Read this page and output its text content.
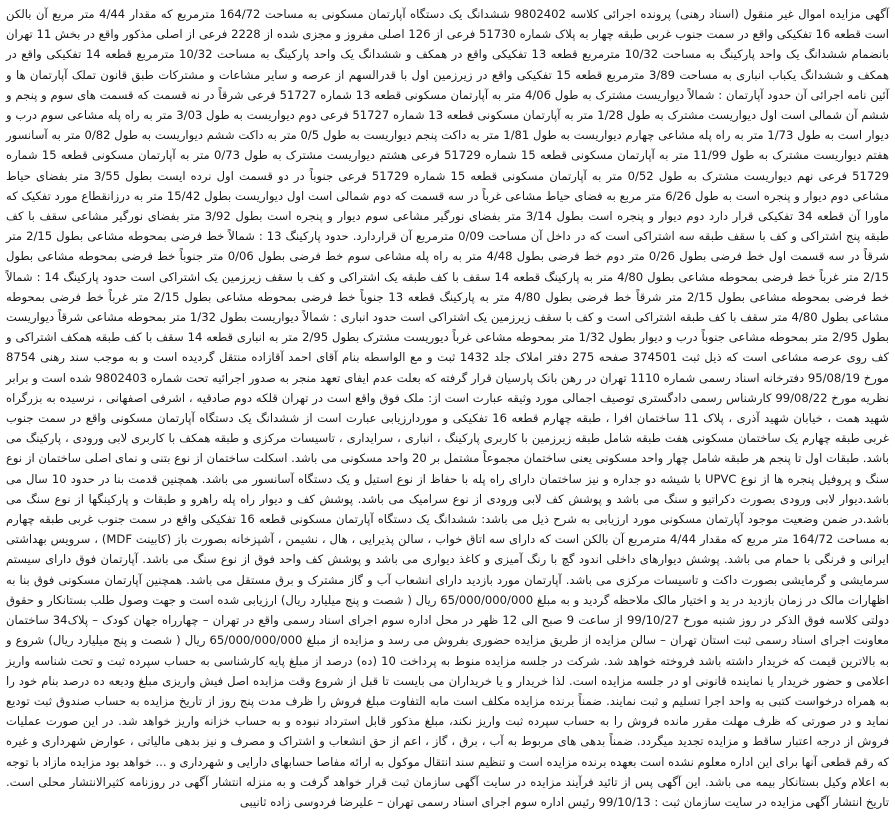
آگهی مزایده اموال غیر منقول (اسناد رهنی) پرونده اجرائی کلاسه 9802402 ششدانگ یک دستگاه آپارتمان مسکونی به مساحت 164/72 مترمربع که مقدار 4/44 متر مربع آن بالکن است قطعه 16 تفکیکی واقع در سمت جنوب غربی طبقه چهار به پلاک شماره 51730 فرعی از 126 اصلی مفروز و مجزی شده از 2228 فرعی از اصلی مذکور واقع در بخش 11 تهران بانضمام ششدانگ یک واحد پارکینگ به مساحت 10/32 مترمربع قطعه 13 تفکیکی واقع در همکف و ششدانگ یک واحد پارکینگ به مساحت 10/32 مترمربع قطعه 14 تفکیکی واقع در همکف و ششدانگ یکباب انباری به مساحت 3/89 مترمربع قطعه 15 تفکیکی واقع در زیرزمین اول با قدرالسهم از عرصه و سایر مشاعات و مشترکات طبق قانون تملک آپارتمان ها و آئین نامه اجرائی آن حدود آپارتمان : شمالاً دیواریست مشترک به طول 4/06 متر به آپارتمان مسکونی قطعه 13 شماره 51727 فرعی شرقاً در نه قسمت که قسمت های سوم و پنجم و ششم آن شمالی است اول دیواریست مشترک به طول 1/28 متر به آپارتمان مسکونی قطعه 13 شماره 51727 فرعی دوم دیواریست به طول 3/03 متر به راه پله مشاعی سوم درب و دیوار است به طول 1/73 متر به راه پله مشاعی چهارم دیواریست به طول 1/81 متر به داکت پنجم دیواریست به طول 0/5 متر به داکت ششم دیواریست به طول 0/82 متر به آسانسور هفتم دیواریست مشترک به طول 11/99 متر به آپارتمان مسکونی قطعه 15 شماره 51729 فرعی هشتم دیواریست مشترک به طول 0/73 متر به آپارتمان مسکونی قطعه 15 شماره 51729 فرعی نهم دیواریست مشترک به طول 0/52 متر به آپارتمان مسکونی قطعه 15 شماره 51729 فرعی جنوباً در دو قسمت اول نرده ایست بطول 3/55 متر بفضای حیاط مشاعی دوم دیوار و پنجره است به طول 6/26 متر مربع به فضای حیاط مشاعی غرباً در سه قسمت که دوم شمالی است اول دیواریست بطول 15/42 متر به درزانقطاع مورد تفکیک که ماورا آن قطعه 34 تفکیکی قرار دارد دوم دیوار و پنجره است بطول 3/14 متر بفضای نورگیر مشاعی سوم دیوار و پنجره است بطول 3/92 متر بفضای نورگیر مشاعی سقف با کف طبقه پنج اشتراکی و کف با سقف طبقه سه اشتراکی است که در داخل آن مساحت 0/09 مترمربع آن قراردارد. حدود پارکینگ 13 : شمالاً خط فرضی بمحوطه مشاعی بطول 2/15 متر شرقاً در سه قسمت اول خط فرضی بطول 0/26 متر دوم خط فرضی بطول 4/48 متر به راه پله مشاعی سوم خط فرضی بطول 0/06 متر جنوباً خط فرضی بمحوطه مشاعی بطول 2/15 متر غرباً خط فرضی بمحوطه مشاعی بطول 4/80 متر به پارکینگ قطعه 14 سقف با کف طبقه یک اشتراکی و کف با سقف زیرزمین یک اشتراکی است حدود پارکینگ 14 : شمالاً خط فرضی بمحوطه مشاعی بطول 2/15 متر شرقاً خط فرضی بطول 4/80 متر به پارکینگ قطعه 13 جنوباً خط فرضی بمحوطه مشاعی بطول 2/15 متر غرباً خط فرضی بمحوطه مشاعی بطول 4/80 متر سقف با کف طبقه اشتراکی است و کف با سقف زیرزمین یک اشتراکی است حدود انباری : شمالاً دیواریست بطول 1/32 متر بمحوطه مشاعی شرقاً دیواریست بطول 2/95 متر بمحوطه مشاعی جنوباً درب و دیوار بطول 1/32 متر بمحوطه مشاعی غرباً دیوریست مشترک بطول 2/95 متر به انباری قطعه 14 سقف با کف طبقه همکف اشتراکی و کف روی عرصه مشاعی است که ذیل ثبت 374501 صفحه 275 دفتر املاک جلد 1432 ثبت و مع الواسطه بنام آقای احمد آقازاده منتقل گردیده است و به موجب سند رهنی 8754 مورخ 95/08/19 دفترخانه اسناد رسمی شماره 1110 تهران در رهن بانک پارسیان قرار گرفته که بعلت عدم ایفای تعهد منجر به صدور اجرائیه تحت شماره 9802403 شده است و برابر نظریه مورخ 99/08/22 کارشناس رسمی دادگستری توصیف اجمالی مورد وثیقه عبارت است از: ملک فوق واقع است در تهران قلکه دوم صادقیه ، اشرفی اصفهانی ، نرسیده به بزرگراه شهید همت ، خیابان شهید آذری ، پلاک 11 ساختمان افرا ، طبقه چهارم قطعه 16 تفکیکی و موردارزیابی عبارت است از ششدانگ یک دستگاه آپارتمان مسکونی واقع در سمت جنوب غربی طبقه چهارم یک ساختمان مسکونی هفت طبقه شامل طبقه زیرزمین با کاربری پارکینگ ، انباری ، سرایداری ، تاسیسات مرکزی و طبقه همکف با کاربری لابی ورودی ، پارکینگ می باشد. طبقات اول تا پنجم هر طبقه شامل چهار واحد مسکونی یعنی ساختمان مجموعاً مشتمل بر 20 واحد مسکونی می باشد. اسکلت ساختمان از نوع بتنی و نمای اصلی ساختمان از نوع سنگ و پروفیل پنجره ها از نوع UPVC با شیشه دو جداره و نیز ساختمان دارای راه پله با حفاظ از نوع استیل و یک دستگاه آسانسور می باشد. همچنین قدمت بنا در حدود 10 سال می باشد.دیوار لابی ورودی بصورت دکراتیو و سنگ می باشد و پوشش کف لابی ورودی از نوع سرامیک می باشد. پوشش کف و دیوار راه پله راهرو و طبقات و پارکینگها از نوع سنگ می باشد.در ضمن وضعیت موجود آپارتمان مسکونی مورد ارزیابی به شرح ذیل می باشد: ششدانگ یک دستگاه آپارتمان مسکونی قطعه 16 تفکیکی واقع در سمت جنوب غربی طبقه چهارم به مساحت 164/72 متر مربع که مقدار 4/44 مترمربع آن بالکن است که دارای سه اتاق خواب ، سالن پذیرایی ، هال ، نشیمن ، آشپزخانه بصورت باز (کابینت MDF) ، سرویس بهداشتی ایرانی و فرنگی با حمام می باشد. پوشش دیوارهای داخلی اندود گچ با رنگ آمیزی و کاغذ دیواری می باشد و پوشش کف واحد فوق از نوع سنگ می باشد. آپارتمان فوق دارای سیستم سرمایشی و گرمایشی بصورت داکت و تاسیسات مرکزی می باشد. آپارتمان مورد بازدید دارای انشعاب آب و گاز مشترک و برق مستقل می باشد. همچنین آپارتمان مسکونی فوق بنا به اظهارات مالک در زمان بازدید در ید و اختیار مالک ملاحظه گردید و به مبلغ 65/000/000/000 ریال ( شصت و پنج میلیارد ریال) ارزیابی شده است و جهت وصول طلب بستانکار و حقوق دولتی کلاسه فوق الذکر در روز شنبه مورخ 99/10/27 از ساعت 9 صبح الی 12 ظهر در محل اداره سوم اجرای اسناد رسمی واقع در تهران – چهارراه جهان کودک – پلاک34 ساختمان معاونت اجرای اسناد رسمی ثبت استان تهران – سالن مزایده از طریق مزایده حضوری بفروش می رسد و مزایده از مبلغ 65/000/000/000 ریال ( شصت و پنج میلیارد ریال) شروع و به بالاترین قیمت که خریدار داشته باشد فروخته خواهد شد. شرکت در جلسه مزایده منوط به پرداخت 10 (ده) درصد از مبلغ پایه کارشناسی به حساب سپرده ثبت و تحت شناسه واریز اعلامی و حضور خریدار یا نماینده قانونی او در جلسه مزایده است. لذا خریدار و یا خریداران می بایست تا قبل از شروع وقت مزایده اصل فیش واریزی مبلغ ودیعه ده درصد بنام خود را به همراه درخواست کتبی به واحد اجرا تسلیم و ثبت نمایند. ضمناً برنده مزایده مکلف است مابه التفاوت مبلغ فروش را ظرف مدت پنج روز از تاریخ مزایده به حساب صندوق ثبت تودیع نماید و در صورتی که ظرف مهلت مقرر مانده فروش را به حساب سپرده ثبت واریز نکند، مبلغ مذکور قابل استرداد نبوده و به حساب خزانه واریز خواهد شد. در این صورت عملیات فروش از درجه اعتبار ساقط و مزایده تجدید میگردد. ضمناً بدهی های مربوط به آب ، برق ، گاز ، اعم از حق انشعاب و اشتراک و مصرف و نیز بدهی مالیاتی ، عوارض شهرداری و غیره که رقم قطعی آنها برای این اداره معلوم نشده است بعهده برنده مزایده است و تنظیم سند انتقال موکول به ارائه مفاصا حسابهای دارایی و شهرداری و ... خواهد بود مزایده مازاد با توجه به اعلام وکیل بستانکار بیمه می باشد. این آگهی پس از تائید فرآیند مزایده در سایت آگهی سازمان ثبت قرار خواهد گرفت و به منزله انتشار آگهی در روزنامه کثیرالانتشار محلی است. تاریخ انتشار آگهی مزایده در سایت سازمان ثبت : 99/10/13 رئیس اداره سوم اجرای اسناد رسمی تهران – علیرضا فردوسی زاده ثانیبی
